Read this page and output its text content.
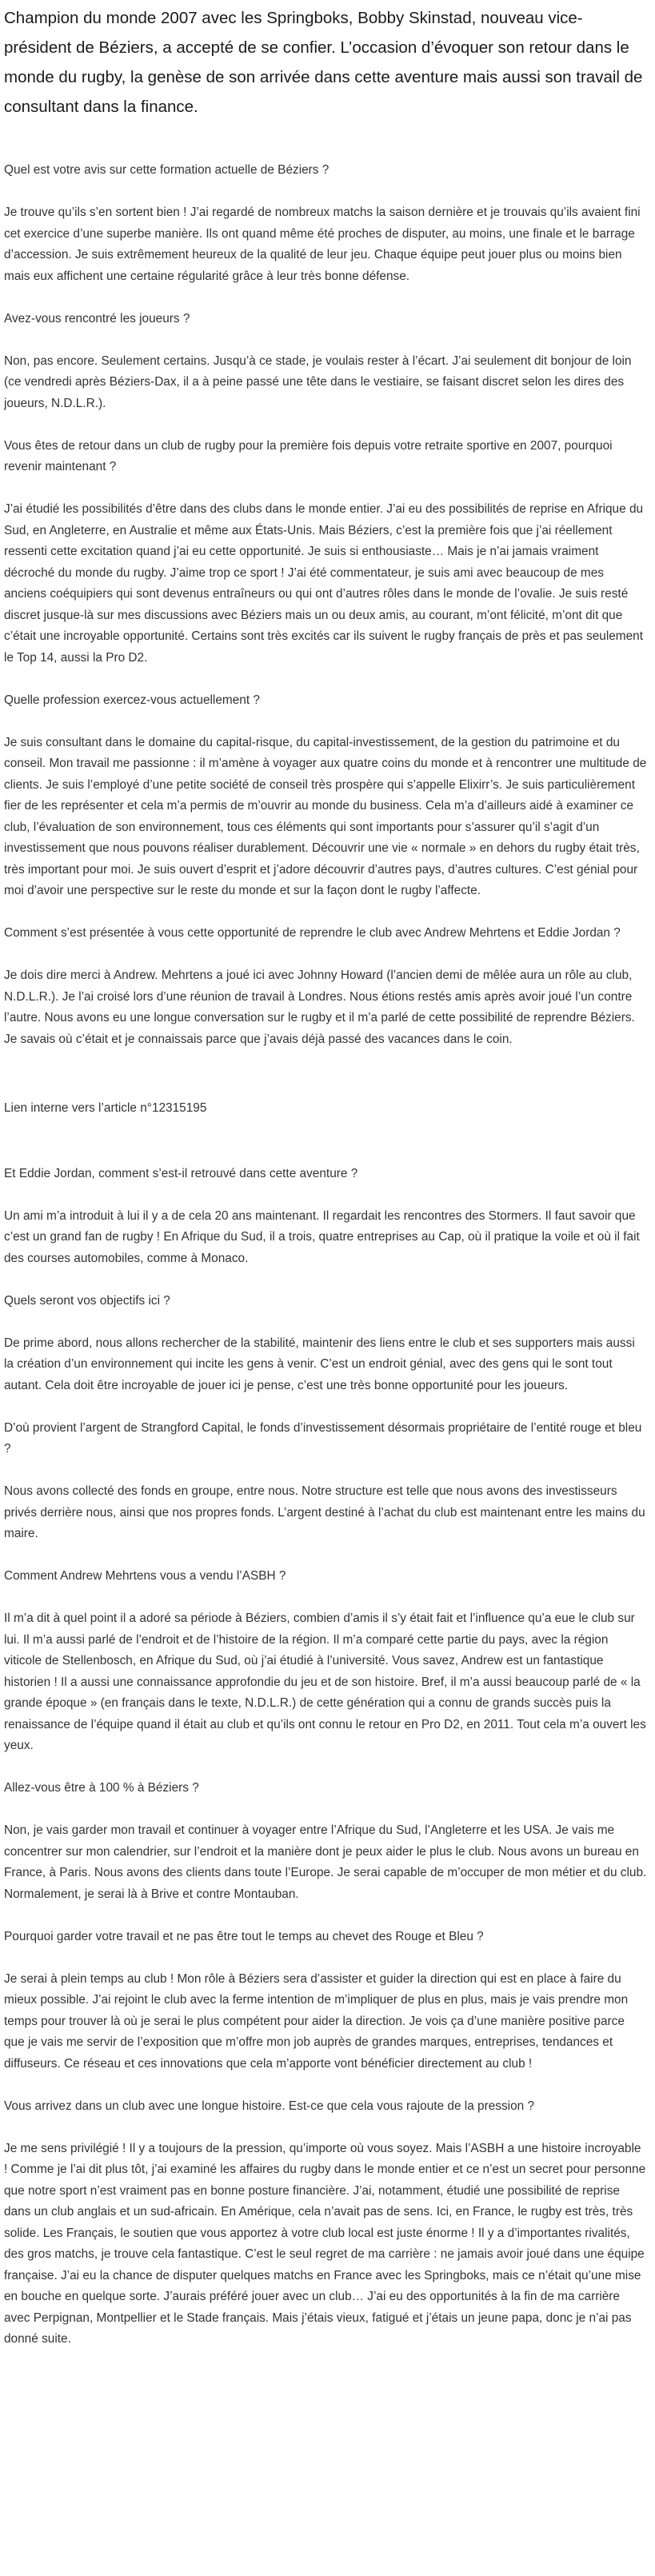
Champion du monde 2007 avec les Springboks, Bobby Skinstad, nouveau vice-président de Béziers, a accepté de se confier. L’occasion d’évoquer son retour dans le monde du rugby, la genèse de son arrivée dans cette aventure mais aussi son travail de consultant dans la finance.

Quel est votre avis sur cette formation actuelle de Béziers ?

Je trouve qu’ils s’en sortent bien ! J’ai regardé de nombreux matchs la saison dernière et je trouvais qu’ils avaient fini cet exercice d’une superbe manière. Ils ont quand même été proches de disputer, au moins, une finale et le barrage d’accession. Je suis extrêmement heureux de la qualité de leur jeu. Chaque équipe peut jouer plus ou moins bien mais eux affichent une certaine régularité grâce à leur très bonne défense.

Avez-vous rencontré les joueurs ?

Non, pas encore. Seulement certains. Jusqu’à ce stade, je voulais rester à l’écart. J’ai seulement dit bonjour de loin (ce vendredi après Béziers-Dax, il a à peine passé une tête dans le vestiaire, se faisant discret selon les dires des joueurs, N.D.L.R.).

Vous êtes de retour dans un club de rugby pour la première fois depuis votre retraite sportive en 2007, pourquoi revenir maintenant ?

J’ai étudié les possibilités d’être dans des clubs dans le monde entier. J’ai eu des possibilités de reprise en Afrique du Sud, en Angleterre, en Australie et même aux États-Unis. Mais Béziers, c’est la première fois que j’ai réellement ressenti cette excitation quand j’ai eu cette opportunité. Je suis si enthousiaste… Mais je n’ai jamais vraiment décroché du monde du rugby. J’aime trop ce sport ! J’ai été commentateur, je suis ami avec beaucoup de mes anciens coéquipiers qui sont devenus entraîneurs ou qui ont d’autres rôles dans le monde de l’ovalie. Je suis resté discret jusque-là sur mes discussions avec Béziers mais un ou deux amis, au courant, m’ont félicité, m’ont dit que c’était une incroyable opportunité. Certains sont très excités car ils suivent le rugby français de près et pas seulement le Top 14, aussi la Pro D2.

Quelle profession exercez-vous actuellement ?

Je suis consultant dans le domaine du capital-risque, du capital-investissement, de la gestion du patrimoine et du conseil. Mon travail me passionne : il m’amène à voyager aux quatre coins du monde et à rencontrer une multitude de clients. Je suis l’employé d’une petite société de conseil très prospère qui s’appelle Elixirr’s. Je suis particulièrement fier de les représenter et cela m’a permis de m’ouvrir au monde du business. Cela m’a d’ailleurs aidé à examiner ce club, l’évaluation de son environnement, tous ces éléments qui sont importants pour s’assurer qu’il s’agit d’un investissement que nous pouvons réaliser durablement. Découvrir une vie « normale » en dehors du rugby était très, très important pour moi. Je suis ouvert d’esprit et j’adore découvrir d’autres pays, d’autres cultures. C’est génial pour moi d’avoir une perspective sur le reste du monde et sur la façon dont le rugby l’affecte.

Comment s’est présentée à vous cette opportunité de reprendre le club avec Andrew Mehrtens et Eddie Jordan ?

Je dois dire merci à Andrew. Mehrtens a joué ici avec Johnny Howard (l’ancien demi de mêlée aura un rôle au club, N.D.L.R.). Je l’ai croisé lors d’une réunion de travail à Londres. Nous étions restés amis après avoir joué l’un contre l’autre. Nous avons eu une longue conversation sur le rugby et il m’a parlé de cette possibilité de reprendre Béziers. Je savais où c’était et je connaissais parce que j’avais déjà passé des vacances dans le coin.

Lien interne vers l’article n°12315195

Et Eddie Jordan, comment s’est-il retrouvé dans cette aventure ?

Un ami m’a introduit à lui il y a de cela 20 ans maintenant. Il regardait les rencontres des Stormers. Il faut savoir que c’est un grand fan de rugby ! En Afrique du Sud, il a trois, quatre entreprises au Cap, où il pratique la voile et où il fait des courses automobiles, comme à Monaco.

Quels seront vos objectifs ici ?

De prime abord, nous allons rechercher de la stabilité, maintenir des liens entre le club et ses supporters mais aussi la création d’un environnement qui incite les gens à venir. C’est un endroit génial, avec des gens qui le sont tout autant. Cela doit être incroyable de jouer ici je pense, c’est une très bonne opportunité pour les joueurs.

D’où provient l’argent de Strangford Capital, le fonds d’investissement désormais propriétaire de l’entité rouge et bleu ?

Nous avons collecté des fonds en groupe, entre nous. Notre structure est telle que nous avons des investisseurs privés derrière nous, ainsi que nos propres fonds. L’argent destiné à l’achat du club est maintenant entre les mains du maire.

Comment Andrew Mehrtens vous a vendu l’ASBH ?

Il m’a dit à quel point il a adoré sa période à Béziers, combien d’amis il s’y était fait et l’influence qu’a eue le club sur lui. Il m’a aussi parlé de l’endroit et de l’histoire de la région. Il m’a comparé cette partie du pays, avec la région viticole de Stellenbosch, en Afrique du Sud, où j’ai étudié à l’université. Vous savez, Andrew est un fantastique historien ! Il a aussi une connaissance approfondie du jeu et de son histoire. Bref, il m’a aussi beaucoup parlé de « la grande époque » (en français dans le texte, N.D.L.R.) de cette génération qui a connu de grands succès puis la renaissance de l’équipe quand il était au club et qu’ils ont connu le retour en Pro D2, en 2011. Tout cela m’a ouvert les yeux.

Allez-vous être à 100 % à Béziers ?

Non, je vais garder mon travail et continuer à voyager entre l’Afrique du Sud, l’Angleterre et les USA. Je vais me concentrer sur mon calendrier, sur l’endroit et la manière dont je peux aider le plus le club. Nous avons un bureau en France, à Paris. Nous avons des clients dans toute l’Europe. Je serai capable de m’occuper de mon métier et du club. Normalement, je serai là à Brive et contre Montauban.

Pourquoi garder votre travail et ne pas être tout le temps au chevet des Rouge et Bleu ?

Je serai à plein temps au club ! Mon rôle à Béziers sera d’assister et guider la direction qui est en place à faire du mieux possible. J’ai rejoint le club avec la ferme intention de m’impliquer de plus en plus, mais je vais prendre mon temps pour trouver là où je serai le plus compétent pour aider la direction. Je vois ça d’une manière positive parce que je vais me servir de l’exposition que m’offre mon job auprès de grandes marques, entreprises, tendances et diffuseurs. Ce réseau et ces innovations que cela m’apporte vont bénéficier directement au club !

Vous arrivez dans un club avec une longue histoire. Est-ce que cela vous rajoute de la pression ?

Je me sens privilégié ! Il y a toujours de la pression, qu’importe où vous soyez. Mais l’ASBH a une histoire incroyable ! Comme je l’ai dit plus tôt, j’ai examiné les affaires du rugby dans le monde entier et ce n’est un secret pour personne que notre sport n’est vraiment pas en bonne posture financière. J’ai, notamment, étudié une possibilité de reprise dans un club anglais et un sud-africain. En Amérique, cela n’avait pas de sens. Ici, en France, le rugby est très, très solide. Les Français, le soutien que vous apportez à votre club local est juste énorme ! Il y a d’importantes rivalités, des gros matchs, je trouve cela fantastique. C’est le seul regret de ma carrière : ne jamais avoir joué dans une équipe française. J’ai eu la chance de disputer quelques matchs en France avec les Springboks, mais ce n’était qu’une mise en bouche en quelque sorte. J’aurais préféré jouer avec un club… J’ai eu des opportunités à la fin de ma carrière avec Perpignan, Montpellier et le Stade français. Mais j’étais vieux, fatigué et j’étais un jeune papa, donc je n’ai pas donné suite.
